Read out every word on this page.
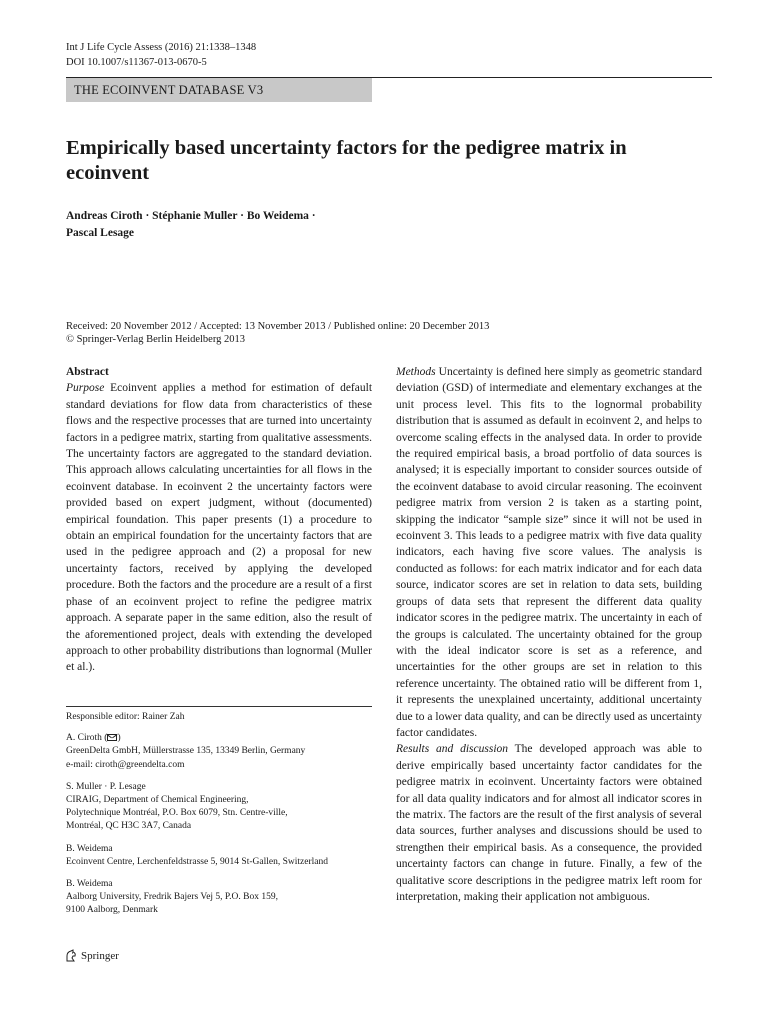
Int J Life Cycle Assess (2016) 21:1338–1348
DOI 10.1007/s11367-013-0670-5
THE ECOINVENT DATABASE V3
Empirically based uncertainty factors for the pedigree matrix in ecoinvent
Andreas Ciroth · Stéphanie Muller · Bo Weidema ·
Pascal Lesage
Received: 20 November 2012 / Accepted: 13 November 2013 / Published online: 20 December 2013
© Springer-Verlag Berlin Heidelberg 2013
Abstract
Purpose Ecoinvent applies a method for estimation of default standard deviations for flow data from characteristics of these flows and the respective processes that are turned into uncertainty factors in a pedigree matrix, starting from qualitative assessments. The uncertainty factors are aggregated to the standard deviation. This approach allows calculating uncertainties for all flows in the ecoinvent database. In ecoinvent 2 the uncertainty factors were provided based on expert judgment, without (documented) empirical foundation. This paper presents (1) a procedure to obtain an empirical foundation for the uncertainty factors that are used in the pedigree approach and (2) a proposal for new uncertainty factors, received by applying the developed procedure. Both the factors and the procedure are a result of a first phase of an ecoinvent project to refine the pedigree matrix approach. A separate paper in the same edition, also the result of the aforementioned project, deals with extending the developed approach to other probability distributions than lognormal (Muller et al.).
Methods Uncertainty is defined here simply as geometric standard deviation (GSD) of intermediate and elementary exchanges at the unit process level. This fits to the lognormal probability distribution that is assumed as default in ecoinvent 2, and helps to overcome scaling effects in the analysed data. In order to provide the required empirical basis, a broad portfolio of data sources is analysed; it is especially important to consider sources outside of the ecoinvent database to avoid circular reasoning. The ecoinvent pedigree matrix from version 2 is taken as a starting point, skipping the indicator “sample size” since it will not be used in ecoinvent 3. This leads to a pedigree matrix with five data quality indicators, each having five score values. The analysis is conducted as follows: for each matrix indicator and for each data source, indicator scores are set in relation to data sets, building groups of data sets that represent the different data quality indicator scores in the pedigree matrix. The uncertainty in each of the groups is calculated. The uncertainty obtained for the group with the ideal indicator score is set as a reference, and uncertainties for the other groups are set in relation to this reference uncertainty. The obtained ratio will be different from 1, it represents the unexplained uncertainty, additional uncertainty due to a lower data quality, and can be directly used as uncertainty factor candidates.
Results and discussion The developed approach was able to derive empirically based uncertainty factor candidates for the pedigree matrix in ecoinvent. Uncertainty factors were obtained for all data quality indicators and for almost all indicator scores in the matrix. The factors are the result of the first analysis of several data sources, further analyses and discussions should be used to strengthen their empirical basis. As a consequence, the provided uncertainty factors can change in future. Finally, a few of the qualitative score descriptions in the pedigree matrix left room for interpretation, making their application not ambiguous.
Responsible editor: Rainer Zah
A. Ciroth ( )
GreenDelta GmbH, Müllerstrasse 135, 13349 Berlin, Germany
e-mail: ciroth@greendelta.com
S. Muller · P. Lesage
CIRAIG, Department of Chemical Engineering,
Polytechnique Montréal, P.O. Box 6079, Stn. Centre-ville,
Montréal, QC H3C 3A7, Canada
B. Weidema
Ecoinvent Centre, Lerchenfeldstrasse 5, 9014 St-Gallen, Switzerland
B. Weidema
Aalborg University, Fredrik Bajers Vej 5, P.O. Box 159,
9100 Aalborg, Denmark
Springer
